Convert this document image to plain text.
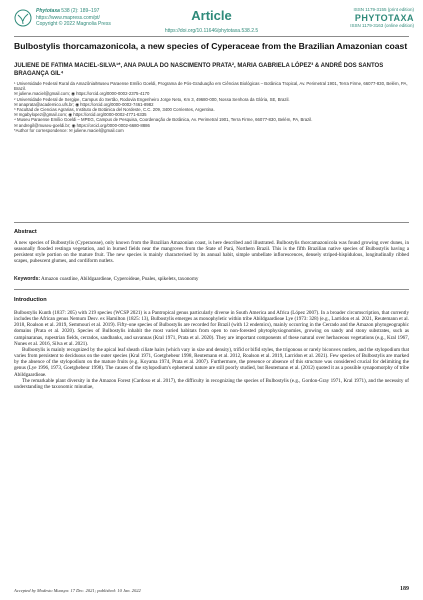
Phytotaxa 538 (2): 189–197
https://www.mapress.com/pt/
Copyright © 2022 Magnolia Press
Article	ISSN 1179-3155 (print edition)
PHYTOTAXA
ISSN 1179-3163 (online edition)
https://doi.org/10.11646/phytotaxa.538.2.5
Bulbostylis thorcamazonicola, a new species of Cyperaceae from the Brazilian Amazonian coast
JULIENE DE FATIMA MACIEL-SILVA¹*, ANA PAULA DO NASCIMENTO PRATA², MARIA GABRIELA LÓPEZ³ & ANDRÉ DOS SANTOS BRAGANÇA GIL⁴

¹ Universidade Federal Rural da Amazônia/Museu Paraense Emílio Goeldi, Programa de Pós-Graduação em Ciências Biológicas – Botânica Tropical, Av. Perimetral 1901, Terra Firme, 66077-830, Belém, PA, Brazil.

✉ juliene.maciel@gmail.com; ◉ https://orcid.org/0000-0002-2375-4170

² Universidade Federal de Sergipe, Campus do Sertão, Rodovia Engenheiro Jorge Neto, Km 3, 49680-000, Nossa Senhora da Glória, SE, Brazil.

✉ anaprata@academico.ufs.br; ◉ https://orcid.org/0000-0002-7461-8982

³ Facultad de Ciencias Agrarias, Instituto de Botánica del Nordeste, C.C. 209, 3400 Corrientes, Argentina.

✉ mgabylopez@gmail.com; ◉ https://orcid.org/0000-0002-4771-6335

⁴ Museu Paraense Emílio Goeldi – MPEG, Campus de Pesquisa, Coordenação de Botânica, Av. Perimetral 1901, Terra Firme, 66077-830, Belém, PA, Brazil.

✉ andregil@museu-goeldi.br; ◉ https://orcid.org/0000-0002-6680-8886

*Author for correspondence: ✉ juliene.maciel@gmail.com

Abstract
A new species of Bulbostylis (Cyperaceae), only known from the Brazilian Amazonian coast, is here described and illustrated. Bulbostylis thorcamazonicola was found growing over dunes, in seasonally flooded restinga vegetation, and in burned fields near the mangroves from the State of Pará, Northern Brazil. This is the fifth Brazilian native species of Bulbostylis having a persistent style portion on the mature fruit. The new species is mainly characterised by its annual habit, simple umbellate inflorescences, densely striped-hispidulous, longitudinally ribbed scapes, pubescent glumes, and cordiform nutlets.
Keywords: Amazon coastline, Abildgaardieae, Cyperoideae, Poales, spikelets, taxonomy
Introduction

Bulbostylis Kunth (1837: 205) with 219 species (WCSP 2021) is a Pantropical genus particularly diverse in South America and Africa (López 2007). In a broader circumscription, that currently includes the African genus Nemum Desv. ex Hamilton (1825: 13), Bulbostylis emerges as monophyletic within tribe Abildgaardieae Lye (1973: 328) (e.g., Larridon et al. 2021, Reutemann et al. 2018, Roalson et al. 2019, Semmouri et al. 2019). Fifty-one species of Bulbostylis are recorded for Brazil (with 12 endemics), mainly occurring in the Cerrado and the Amazon phytogeographic domains (Prata et al. 2020). Species of Bulbostylis inhabit the most varied habitats from open to non-forested phytophysiognomies, growing on sandy and stony substrates, such as campinaranas, rupestrian fields, cerrados, sandbanks, and savannas (Kral 1971, Prata et al. 2020). They are important components of these natural over herbaceous vegetations (e.g., Kral 1967, Nunes et al. 2016, Silva et al. 2021).

Bulbostylis is mainly recognized by the apical leaf sheath ciliate hairs (which vary in size and density), trifid or bifid styles, the trigonous or rarely biconvex nutlets, and the stylopodium that varies from persistent to deciduous on the outer species (Kral 1971, Goetghebeur 1998, Reutemann et al. 2012, Roalson et al. 2019, Larridon et al. 2021). Few species of Bulbostylis are marked by the absence of the stylopodium on the mature fruits (e.g. Koyama 1974, Prata et al. 2007). Furthermore, the presence or absence of this structure was considered crucial for delimiting the genus (Lye 1996, 1973, Goetghebeur 1998). The causes of the stylopodium's ephemeral nature are still poorly studied, but Reutemann et al. (2012) quoted it as a possible synapomorphy of tribe Abildgaardieae.

The remarkable plant diversity in the Amazon Forest (Cardoso et al. 2017), the difficulty in recognizing the species of Bulbostylis (e.g., Gordon-Gray 1971, Kral 1971), and the necessity of understanding the taxonomic minutiae,

Accepted by Modesto Muasya: 17 Dec. 2021; published: 10 Jan. 2022	189
